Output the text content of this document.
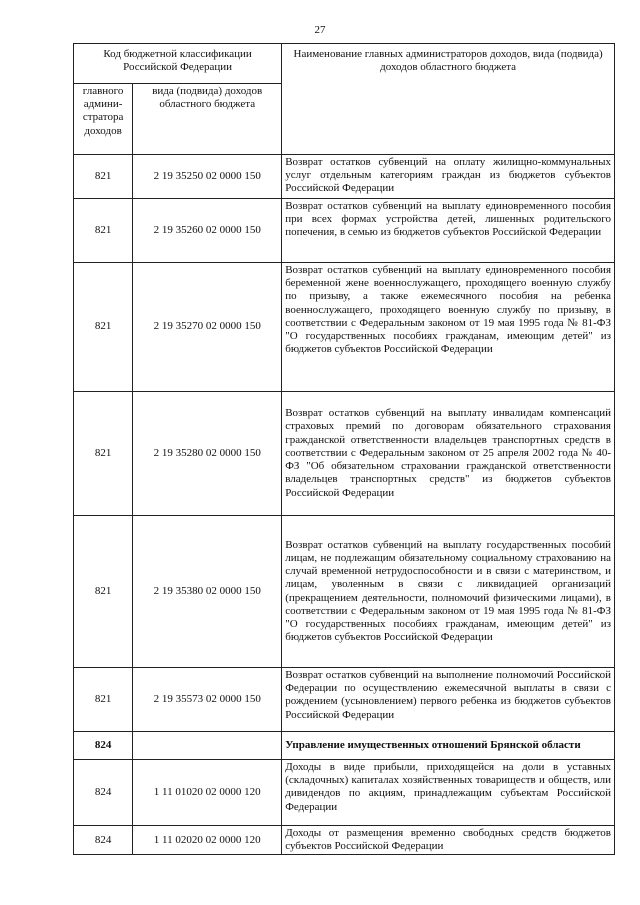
27
Код бюджетной классификации Российской Федерации		Наименование главных администраторов доходов, вида (подвида) доходов областного бюджета
главного админи-стратора доходов	вида (подвида) доходов областного бюджета	
821	2 19 35250 02 0000 150	Возврат остатков субвенций на оплату жилищно-коммунальных услуг отдельным категориям граждан из бюджетов субъектов Российской Федерации
821	2 19 35260 02 0000 150	Возврат остатков субвенций на выплату единовременного пособия при всех формах устройства детей, лишенных родительского попечения, в семью из бюджетов субъектов Российской Федерации
821	2 19 35270 02 0000 150	Возврат остатков субвенций на выплату единовременного пособия беременной жене военнослужащего, проходящего военную службу по призыву, а также ежемесячного пособия на ребенка военнослужащего, проходящего военную службу по призыву, в соответствии с Федеральным законом от 19 мая 1995 года № 81-ФЗ "О государственных пособиях гражданам, имеющим детей" из бюджетов субъектов Российской Федерации
821	2 19 35280 02 0000 150	Возврат остатков субвенций на выплату инвалидам компенсаций страховых премий по договорам обязательного страхования гражданской ответственности владельцев транспортных средств в соответствии с Федеральным законом от 25 апреля 2002 года № 40-ФЗ "Об обязательном страховании гражданской ответственности владельцев транспортных средств" из бюджетов субъектов Российской Федерации
821	2 19 35380 02 0000 150	Возврат остатков субвенций на выплату государственных пособий лицам, не подлежащим обязательному социальному страхованию на случай временной нетрудоспособности и в связи с материнством, и лицам, уволенным в связи с ликвидацией организаций (прекращением деятельности, полномочий физическими лицами), в соответствии с Федеральным законом от 19 мая 1995 года № 81-ФЗ "О государственных пособиях гражданам, имеющим детей" из бюджетов субъектов Российской Федерации
821	2 19 35573 02 0000 150	Возврат остатков субвенций на выполнение полномочий Российской Федерации по осуществлению ежемесячной выплаты в связи с рождением (усыновлением) первого ребенка из бюджетов субъектов Российской Федерации
824		Управление имущественных отношений Брянской области
824	1 11 01020 02 0000 120	Доходы в виде прибыли, приходящейся на доли в уставных (складочных) капиталах хозяйственных товариществ и обществ, или дивидендов по акциям, принадлежащим субъектам Российской Федерации
824	1 11 02020 02 0000 120	Доходы от размещения временно свободных средств бюджетов субъектов Российской Федерации
